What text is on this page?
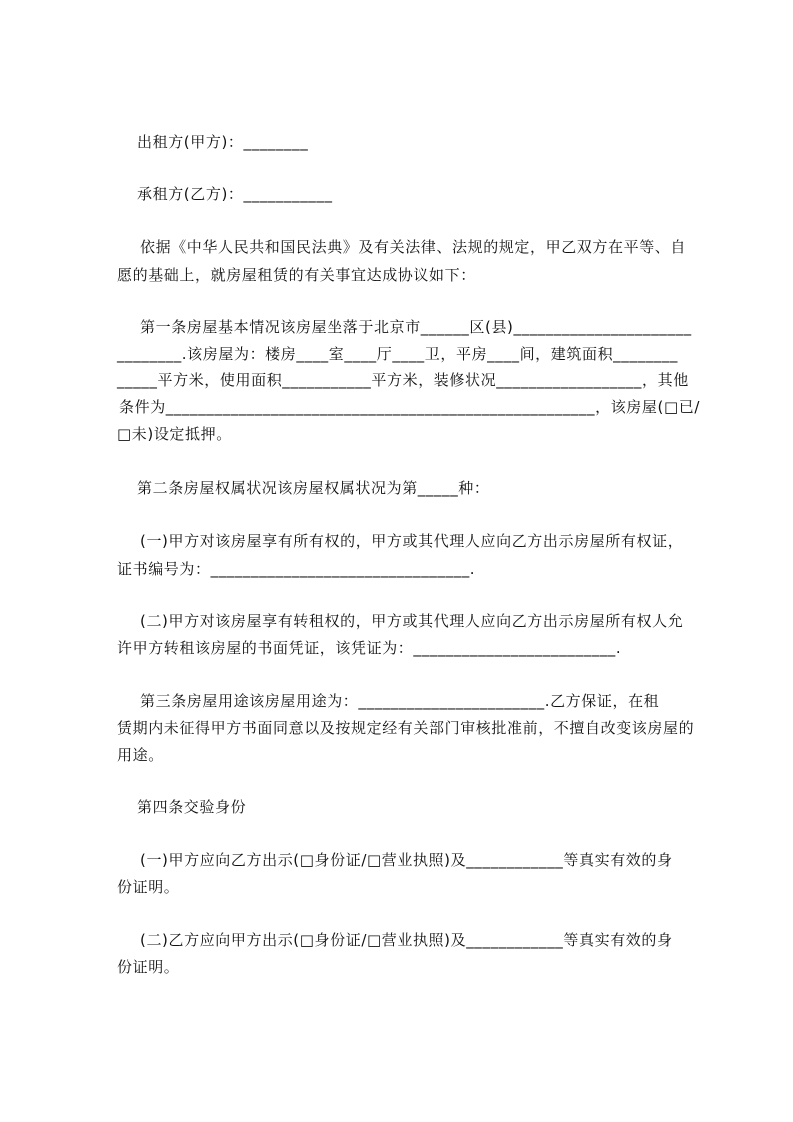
出租方(甲方)：________
承租方(乙方)：___________
依据《中华人民共和国民法典》及有关法律、法规的规定，甲乙双方在平等、自
愿的基础上，就房屋租赁的有关事宜达成协议如下：
第一条房屋基本情况该房屋坐落于北京市______区(县)______________________
________.该房屋为：楼房____室____厅____卫，平房____间，建筑面积________
_____平方米，使用面积___________平方米，装修状况__________________，其他
条件为_____________________________________________________，该房屋(□已/
□未)设定抵押。
第二条房屋权属状况该房屋权属状况为第_____种：
(一)甲方对该房屋享有所有权的，甲方或其代理人应向乙方出示房屋所有权证，
证书编号为：________________________________.
(二)甲方对该房屋享有转租权的，甲方或其代理人应向乙方出示房屋所有权人允
许甲方转租该房屋的书面凭证，该凭证为：_________________________.
第三条房屋用途该房屋用途为：_______________________.乙方保证，在租
赁期内未征得甲方书面同意以及按规定经有关部门审核批准前，不擅自改变该房屋的
用途。
第四条交验身份
(一)甲方应向乙方出示(□身份证/□营业执照)及____________等真实有效的身
份证明。
(二)乙方应向甲方出示(□身份证/□营业执照)及____________等真实有效的身
份证明。
